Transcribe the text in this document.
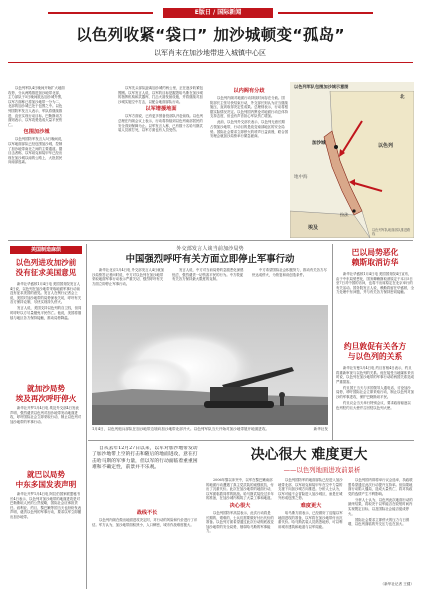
E版日 / 国际新闻
以色列收紧“袋口” 加沙城顿变“孤岛”
以军肖末在加沙地带进入城镇中心区

以色列军队4日晚间开始扩大地面攻势，分兵两路推进加沙地带北部，主力部队于5日晚间抵达加沙城外围，以军方面称已将加沙地带一分为二，北部的加沙城已处于包围之中。以色列国防军发言人表示，军队将继续推进，直至实现行动目标。巴勒斯坦方面则表示，以军攻势造成大量平民伤亡。

包围加沙城

以色列国防军发言人5日晚间说，以军地面部队已经包围加沙城，控制了加沙地带南北之间的主要通道。据目击者称，以军坦克和装甲车已经出现在加沙城以南的公路上，大批居民向南部逃离。

以军先头部队距离加沙城约两公里，正在逐步收紧包围圈。以军发言人说，以军的目标是摧毁哈马斯在加沙城的指挥机构和武器库，打击火箭发射设施，并将继续对加沙城实施空中打击，以配合地面部队行动。

以军增援地面

以军方面说，已有更多预备役部队开赴前线。以色列总理在内阁会议上表示，行动将持续到以色列南部居民的安全得到保障为止。以军发言人称，已有数十名哈马斯武装人员被打死，以军方面也有人员受伤。

以内阁有分歧

以色列内阁对地面行动持续时间存在分歧。国防部长主张尽快结束行动，外交部长则认为应当继续施压，直到取得决定性成果。总理则表示，行动将根据实际情况决定。以色列国内舆论对地面行动总体持支持态度，但也有声音担心军队伤亡增加。

此前，以色列外交部长表示，以色列无意长期占领加沙地带，行动目的是改变南部地区的安全局势。国际社会要求立即停火的呼声日益高涨，联合国安理会就加沙局势举行紧急磋商。

以色列军队包围加沙城示意图
以色列
加沙城
地中海
拉法
埃及
北
以色列军队地面部队推进路线
美国制造麻烦
以色列进攻加沙前
没有征求美国意见

新华社华盛顿1月4日电 美国国务院发言人4日说，以色列在加沙地带采取地面军事行动前没有征求美国的意见。发言人在例行记者会上说，美国对加沙地带的局势深表关切，呼吁有关各方保持克制，尽快实现持久停火。

发言人说，美国支持以色列的自卫权，但同时呼吁以方尽量避免平民伤亡。他说，美国将继续与地区各方保持接触，推动局势降温。

就加沙局势
埃及再次呼吁停火

新华社开罗1月4日电 埃及外交部4日发表声明，强烈谴责以色列对加沙地带发动地面进攻，呼吁国际社会立即采取行动，制止以色列对加沙地带的军事行动。

就巴以局势
中东多国发表声明

新华社开罗1月4日电 阿拉伯国家联盟秘书长4日表示，以色列对加沙地带的地面进攻是对巴勒斯坦人民的公然侵略，国际社会应承担责任。叙利亚、约旦、黎巴嫩等国当天也纷纷发表声明，谴责以色列的军事行动，要求以军立即撤出加沙地带。

外交部发言人谈当前加沙局势
中国强烈呼吁有关方面立即停止军事行动

新华社北京1月4日电 外交部发言人4日就加沙局势答记者问时说，中方对以色列在加沙地带采取地面军事行动表示严重关切，强烈呼吁有关方面立即停止军事行动。

发言人说，中方对当前局势的急剧恶化深感忧虑，强烈谴责一切伤害平民的行为。中方敦促有关各方保持最大限度的克制。

中方希望国际社会积极努力，推动有关各方尽快达成停火，为恢复和谈创造条件。

1月4日，以色列炮兵部队在加沙地带边境向加沙地带北部开火。以色列军队当天开始对加沙地带展开地面进攻。	新华社发
巴以局势恶化
赖斯取消访华

新华社华盛顿1月4日电 美国国务院4日宣布，由于中东局势恶化，国务卿赖斯取消原定于本月5日至7日对中国的访问，也将不出席原定在北京举行的有关活动。国务院发言人说，赖斯将留在华盛顿，全力处理中东问题，并与有关各方保持密切接触。

约旦敦促有关各方
与以色列的关系

新华社安曼1月4日电 约旦首相4日表示，约旦将重新审视与以色列的关系。他在接受当地媒体采访时说，以色列在加沙地带的军事行动给两国关系造成严重损害。

约旦国王当天与多国领导人通电话，讨论加沙局势，呼吁国际社会立即采取行动，制止以色列对加沙的军事进攻，保护巴勒斯坦平民。

约旦议会当天举行特别会议，要求政府驱逐以色列驻约旦大使并召回驻以色列大使。

自从去年12月27日以来，以军对加沙地带发动了加沙地带上空的打击和随后的地面进攻，意在打击哈马斯的军事力量，但以军的行动面临着重重困难和不确定性，前景并不乐观。

决心很大 难度更大
——以色列地面进攻前景析
战线不长

以色列内阁在做出地面进攻决定时，对行动的风险和代价进行了评估。军方认为，加沙地带面积狭小，人口稠密，城市作战难度极大。

2006年黎以冲突中，以军在黎巴嫩南部的地面行动遭遇了真主党武装的顽强抵抗，付出了沉重代价。此次在加沙地带的地面行动，以军面临着同样的挑战。哈马斯武装经过多年的准备，在加沙城内构筑了大量工事和地道。

决心很大

以色列国防军高层表示，此次行动将是长期的、艰难的，士兵们需要做好付出代价的准备。以色列方面希望通过此次行动彻底改变加沙地带的安全局势，削弱哈马斯的军事能力。

以色列国防军的地面部队已经进入加沙地带北部，以军坦克和装甲车在空中力量的支援下向加沙城方向推进。分析人士认为，以军可能不会冒险进入加沙城区，而是在城外形成包围之势。

难度更大

哈马斯方面表示，已经做好了迎接以军地面进攻的准备，以军将在加沙地带付出沉重代价。哈马斯武装人员熟悉地形，可以利用城市建筑和地道与以军周旋。

以色列国内即将举行议会选举，执政联盟希望通过此次行动提升支持率。但如果地面行动陷入僵局，造成大量伤亡，将对执政党的选情产生不利影响。

分析人士认为，以色列此次地面行动的最终结果，将取决于以军能否在较短时间内实现既定目标，以及国际社会能否促成停火。

国际社会要求立即停火的压力与日俱增，以色列面临的外交压力也在加大。

（新华社记者 王健）
